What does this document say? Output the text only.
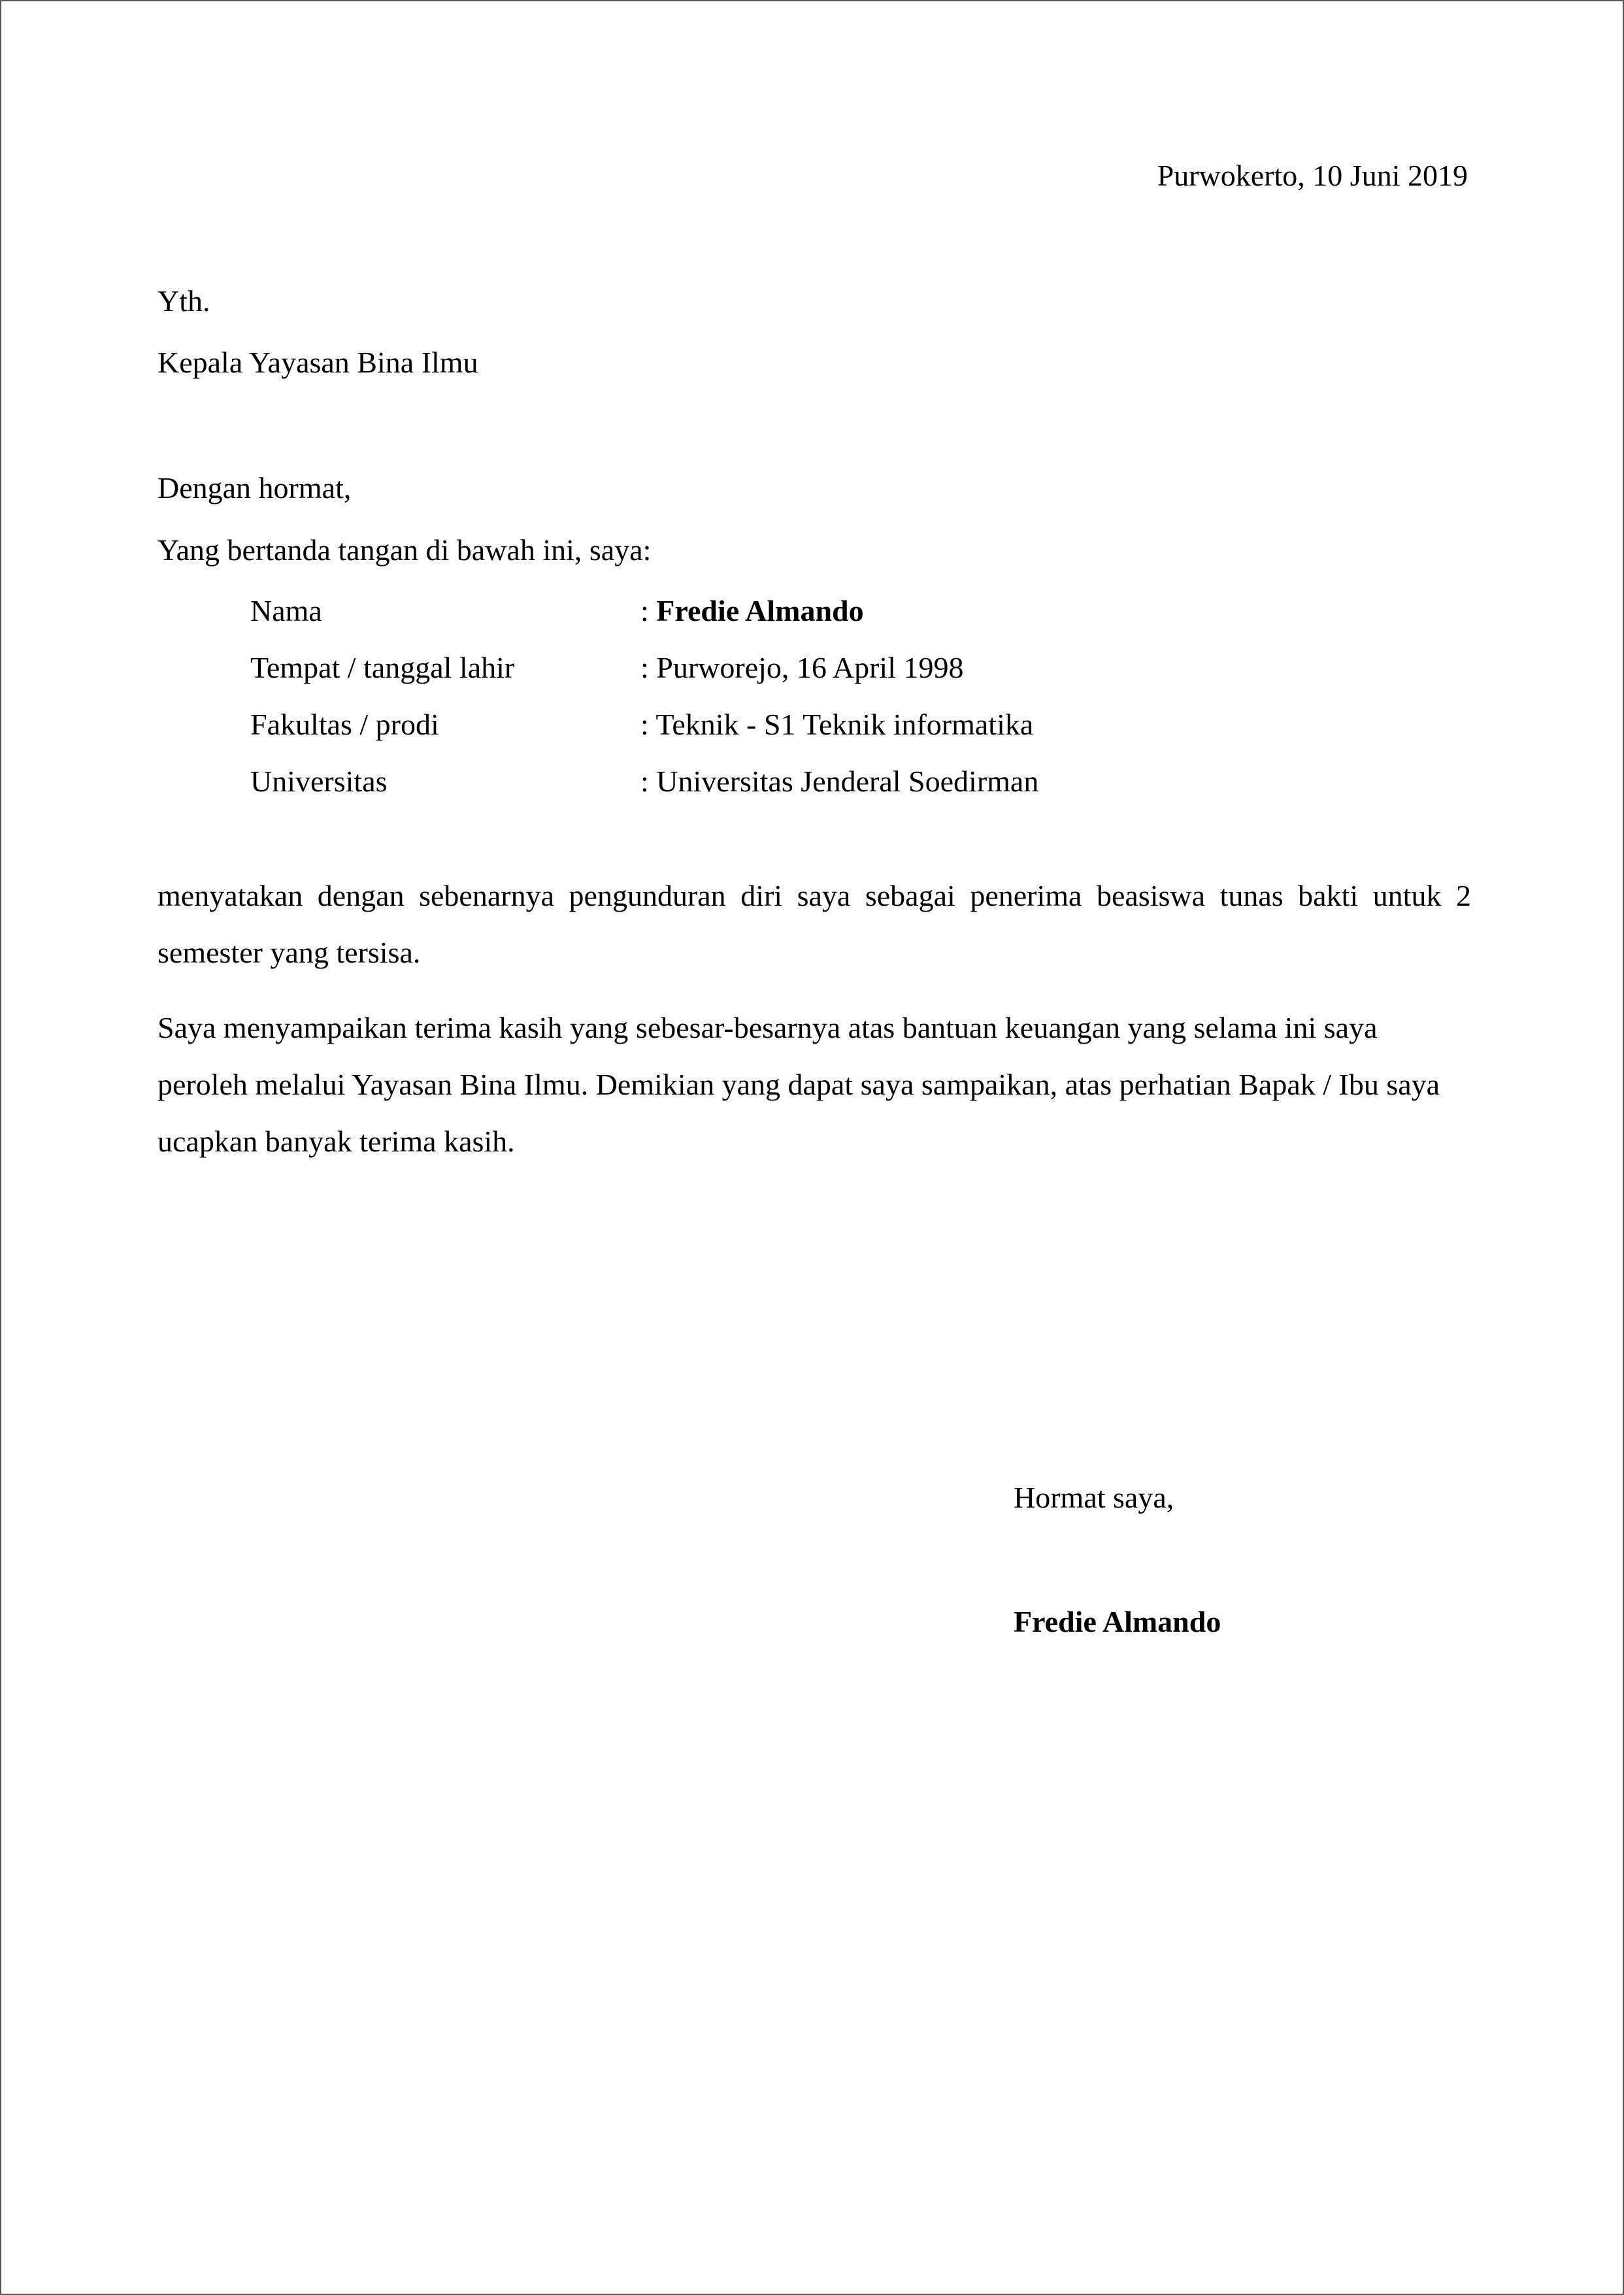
Purwokerto, 10 Juni 2019
Yth.
Kepala Yayasan Bina Ilmu
Dengan hormat,
Yang bertanda tangan di bawah ini, saya:
Nama	: Fredie Almando
Tempat / tanggal lahir	: Purworejo, 16 April 1998
Fakultas / prodi	: Teknik - S1 Teknik informatika
Universitas	: Universitas Jenderal Soedirman
menyatakan dengan sebenarnya pengunduran diri saya sebagai penerima beasiswa tunas bakti untuk 2 semester yang tersisa.
Saya menyampaikan terima kasih yang sebesar-besarnya atas bantuan keuangan yang selama ini saya peroleh melalui Yayasan Bina Ilmu. Demikian yang dapat saya sampaikan, atas perhatian Bapak / Ibu saya ucapkan banyak terima kasih.
Hormat saya,
Fredie Almando
